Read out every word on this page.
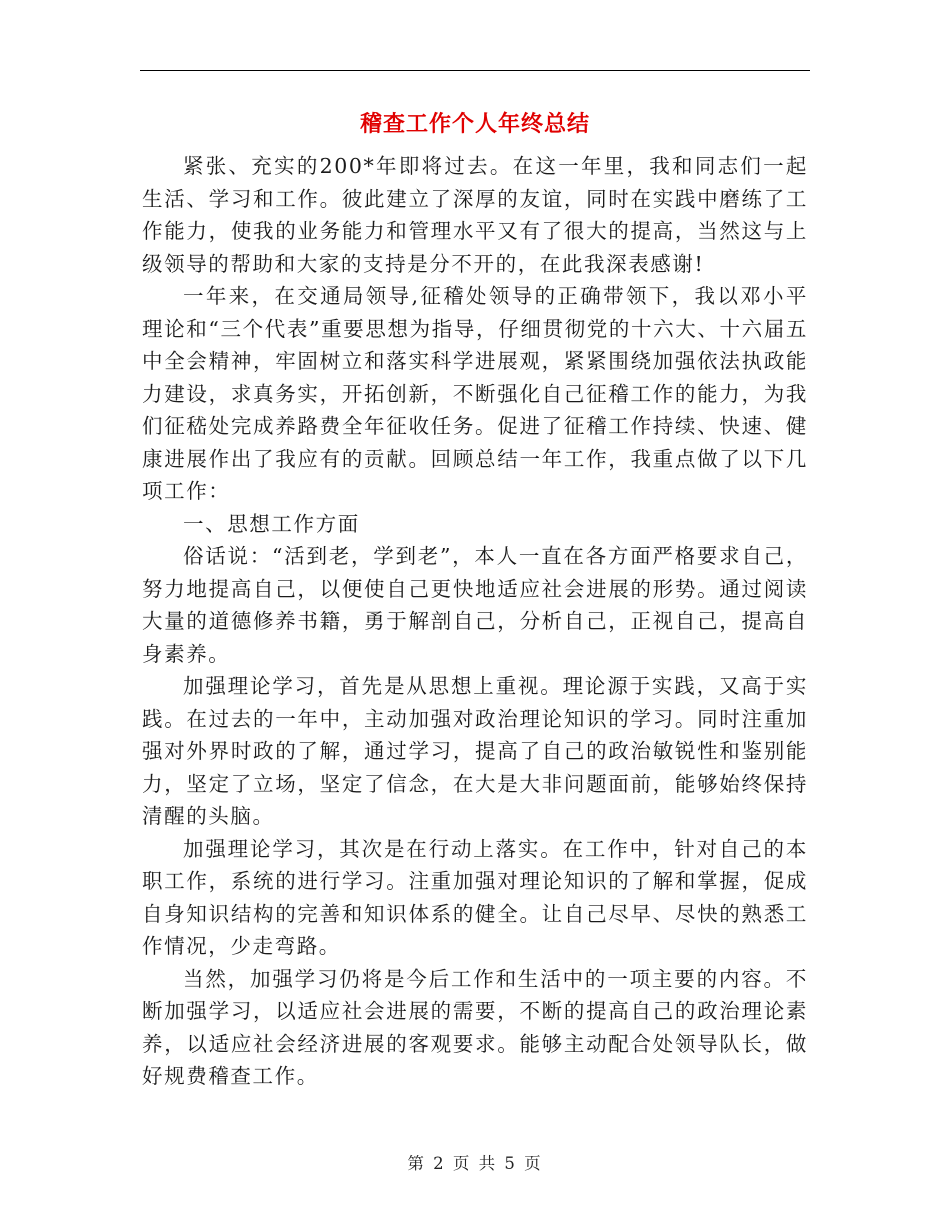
稽查工作个人年终总结

紧张、充实的200*年即将过去。在这一年里，我和同志们一起生活、学习和工作。彼此建立了深厚的友谊，同时在实践中磨练了工作能力，使我的业务能力和管理水平又有了很大的提高，当然这与上级领导的帮助和大家的支持是分不开的，在此我深表感谢!

一年来，在交通局领导,征稽处领导的正确带领下，我以邓小平理论和“三个代表”重要思想为指导，仔细贯彻党的十六大、十六届五中全会精神，牢固树立和落实科学进展观，紧紧围绕加强依法执政能力建设，求真务实，开拓创新，不断强化自己征稽工作的能力，为我们征嵇处完成养路费全年征收任务。促进了征稽工作持续、快速、健康进展作出了我应有的贡献。回顾总结一年工作，我重点做了以下几项工作：

一、思想工作方面

俗话说：“活到老，学到老”，本人一直在各方面严格要求自己，努力地提高自己，以便使自己更快地适应社会进展的形势。通过阅读大量的道德修养书籍，勇于解剖自己，分析自己，正视自己，提高自身素养。

加强理论学习，首先是从思想上重视。理论源于实践，又高于实践。在过去的一年中，主动加强对政治理论知识的学习。同时注重加强对外界时政的了解，通过学习，提高了自己的政治敏锐性和鉴别能力，坚定了立场，坚定了信念，在大是大非问题面前，能够始终保持清醒的头脑。

加强理论学习，其次是在行动上落实。在工作中，针对自己的本职工作，系统的进行学习。注重加强对理论知识的了解和掌握，促成自身知识结构的完善和知识体系的健全。让自己尽早、尽快的熟悉工作情况，少走弯路。

当然，加强学习仍将是今后工作和生活中的一项主要的内容。不断加强学习，以适应社会进展的需要，不断的提高自己的政治理论素养，以适应社会经济进展的客观要求。能够主动配合处领导队长，做好规费稽查工作。

第 2 页 共 5 页
